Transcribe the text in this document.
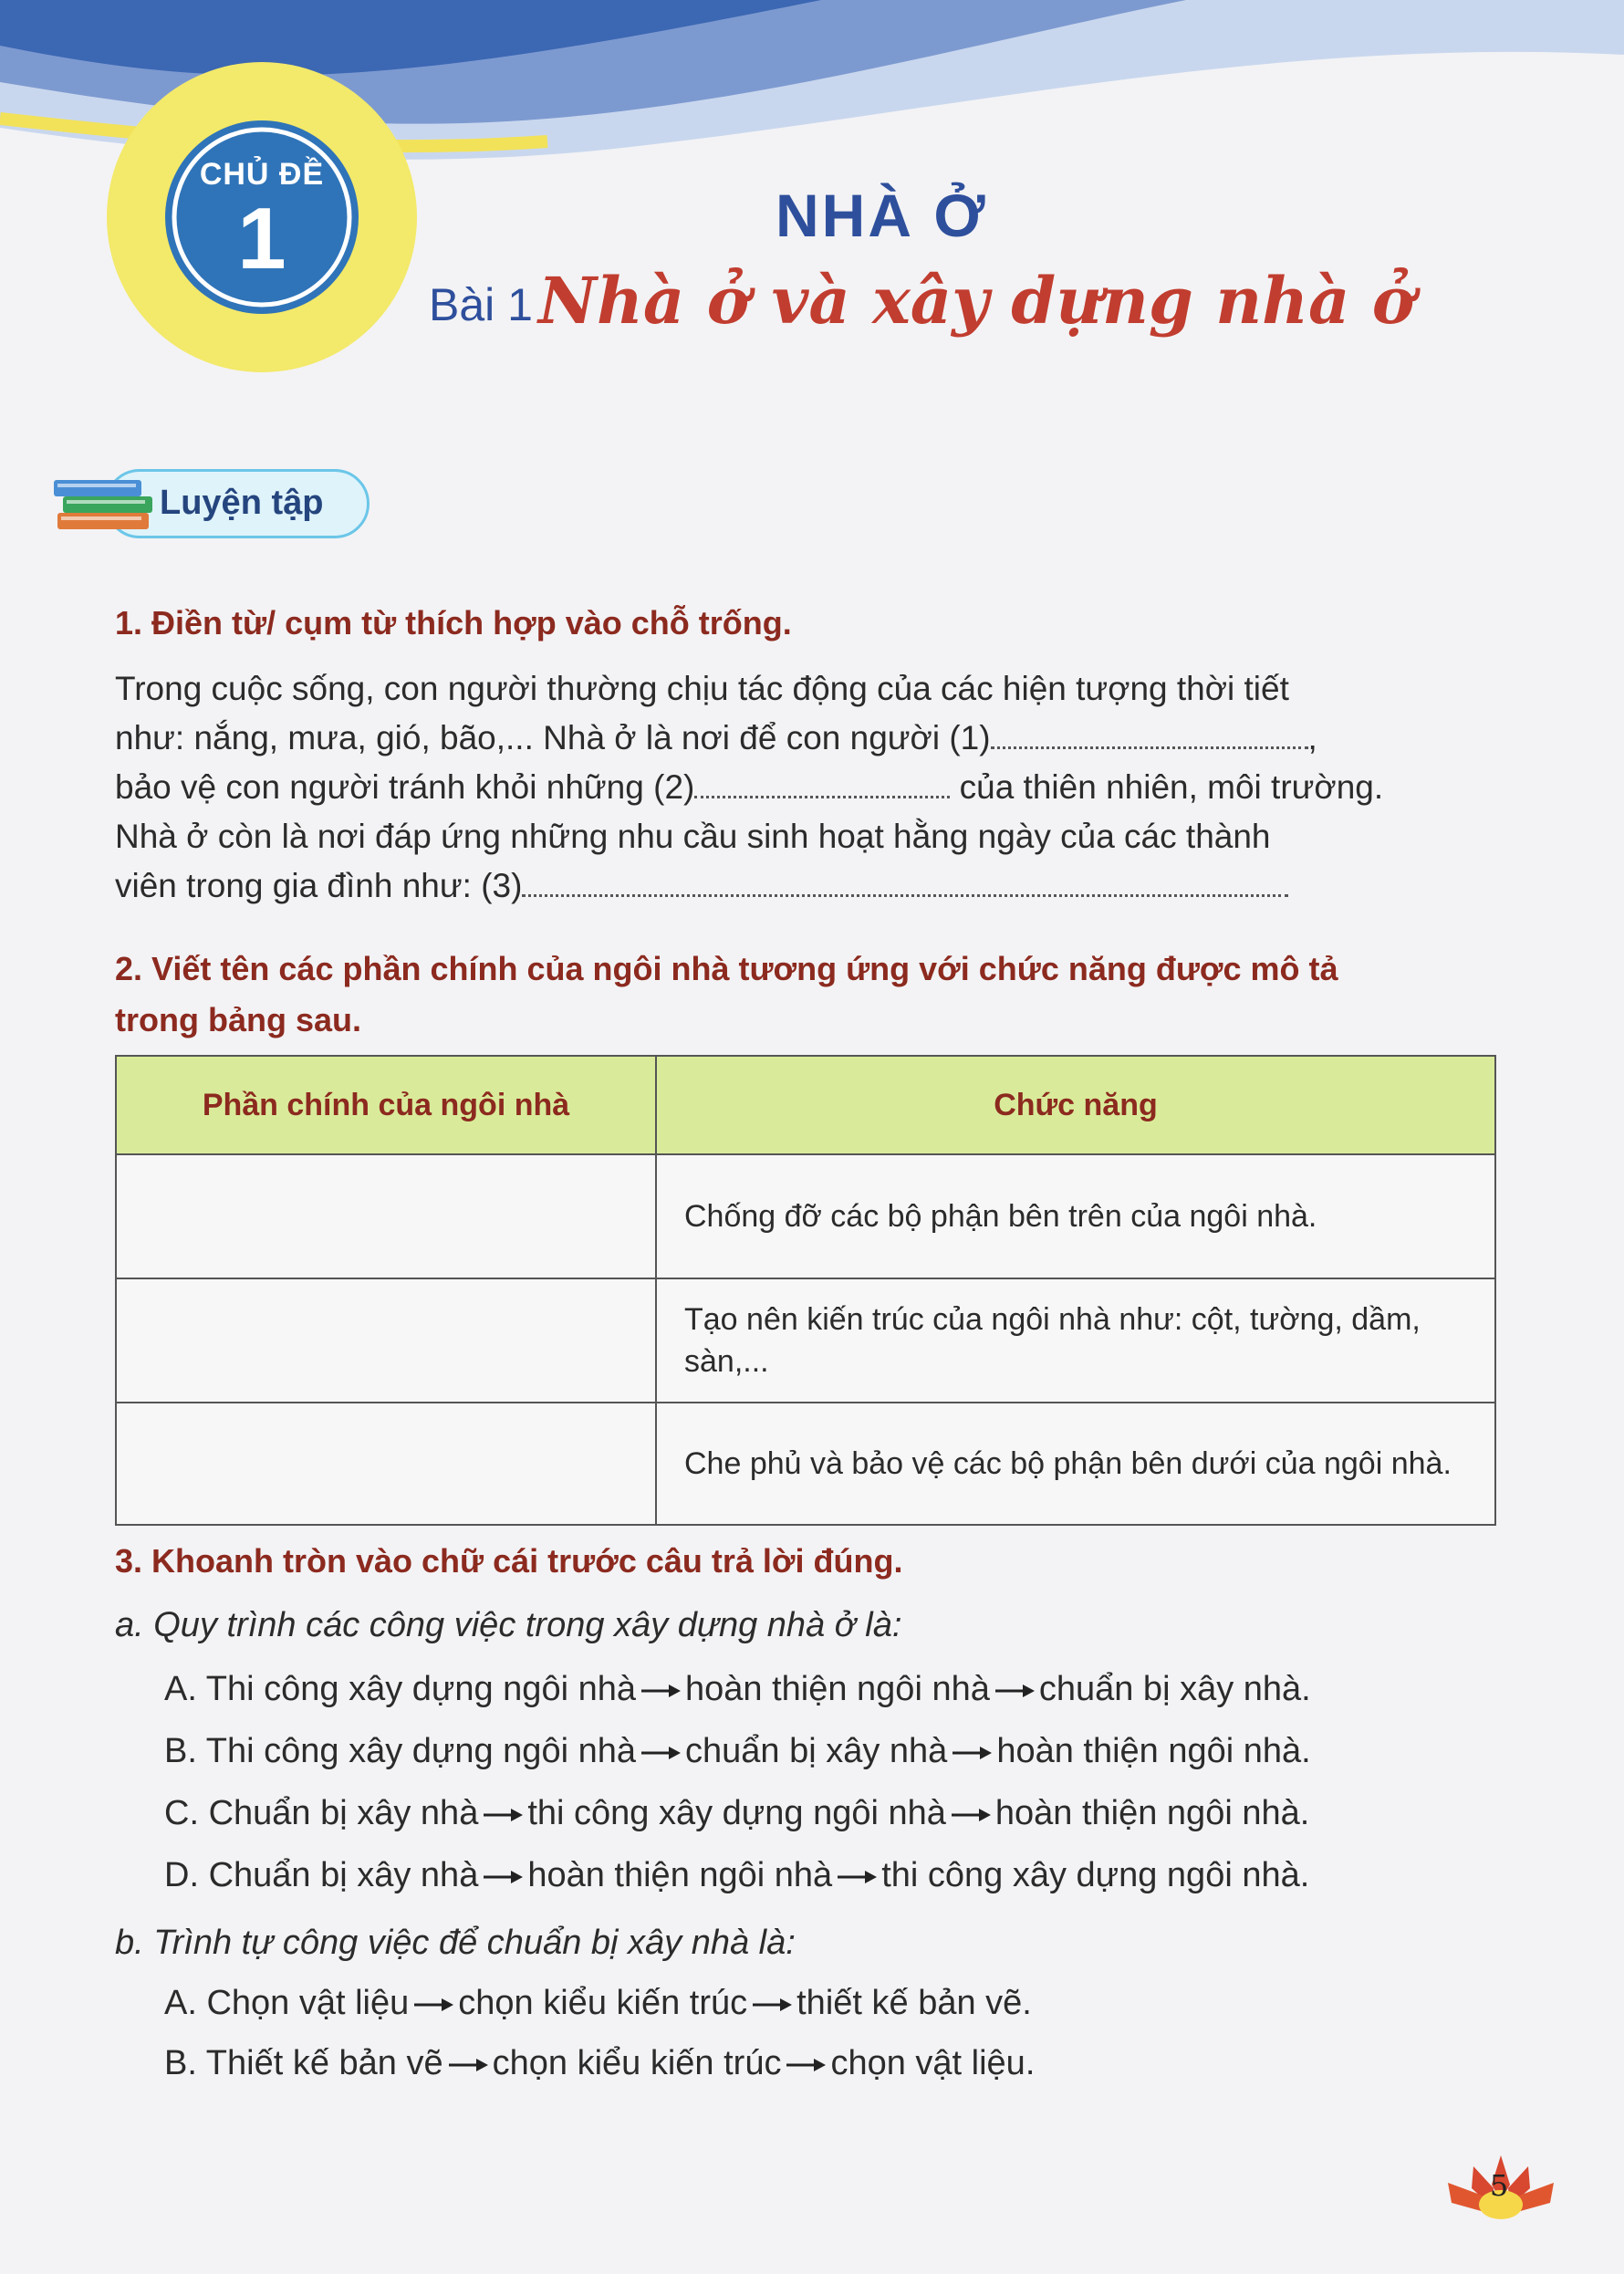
CHỦ ĐỀ
1	NHÀ Ở
Bài 1 Nhà ở và xây dựng nhà ở
Luyện tập
1. Điền từ/ cụm từ thích hợp vào chỗ trống.
Trong cuộc sống, con người thường chịu tác động của các hiện tượng thời tiết
như: nắng, mưa, gió, bão,... Nhà ở là nơi để con người (1)	,
bảo vệ con người tránh khỏi những (2)	của thiên nhiên, môi trường.
Nhà ở còn là nơi đáp ứng những nhu cầu sinh hoạt hằng ngày của các thành
viên trong gia đình như: (3)
2. Viết tên các phần chính của ngôi nhà tương ứng với chức năng được mô tả
trong bảng sau.
Phần chính của ngôi nhà	Chức năng
	Chống đỡ các bộ phận bên trên của ngôi nhà.
	Tạo nên kiến trúc của ngôi nhà như: cột, tường, dầm, sàn,...
	Che phủ và bảo vệ các bộ phận bên dưới của ngôi nhà.
3. Khoanh tròn vào chữ cái trước câu trả lời đúng.
a. Quy trình các công việc trong xây dựng nhà ở là:
A. Thi công xây dựng ngôi nhà hoàn thiện ngôi nhà chuẩn bị xây nhà.
B. Thi công xây dựng ngôi nhà chuẩn bị xây nhà hoàn thiện ngôi nhà.
C. Chuẩn bị xây nhà thi công xây dựng ngôi nhà hoàn thiện ngôi nhà.
D. Chuẩn bị xây nhà hoàn thiện ngôi nhà thi công xây dựng ngôi nhà.
b. Trình tự công việc để chuẩn bị xây nhà là:
A. Chọn vật liệu chọn kiểu kiến trúc thiết kế bản vẽ.
B. Thiết kế bản vẽ chọn kiểu kiến trúc chọn vật liệu.
5
